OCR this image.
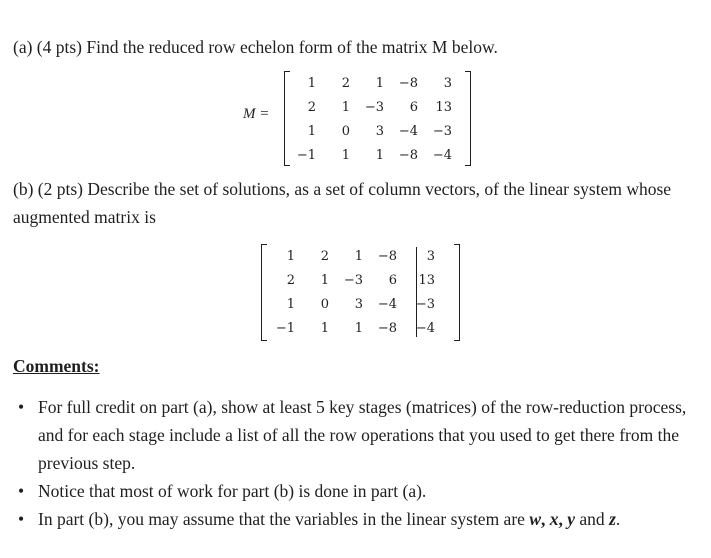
(a) (4 pts) Find the reduced row echelon form of the matrix M below.
M =
1	2	1	−8	3
2	1	−3	6	13
1	0	3	−4	−3
−1	1	1	−8	−4
(b) (2 pts) Describe the set of solutions, as a set of column vectors, of the linear system whose augmented matrix is
1	2	1	−8	3
2	1	−3	6	13
1	0	3	−4	−3
−1	1	1	−8	−4
Comments:
• For full credit on part (a), show at least 5 key stages (matrices) of the row-reduction process, and for each stage include a list of all the row operations that you used to get there from the previous step.
• Notice that most of work for part (b) is done in part (a).
• In part (b), you may assume that the variables in the linear system are w, x, y and z.
